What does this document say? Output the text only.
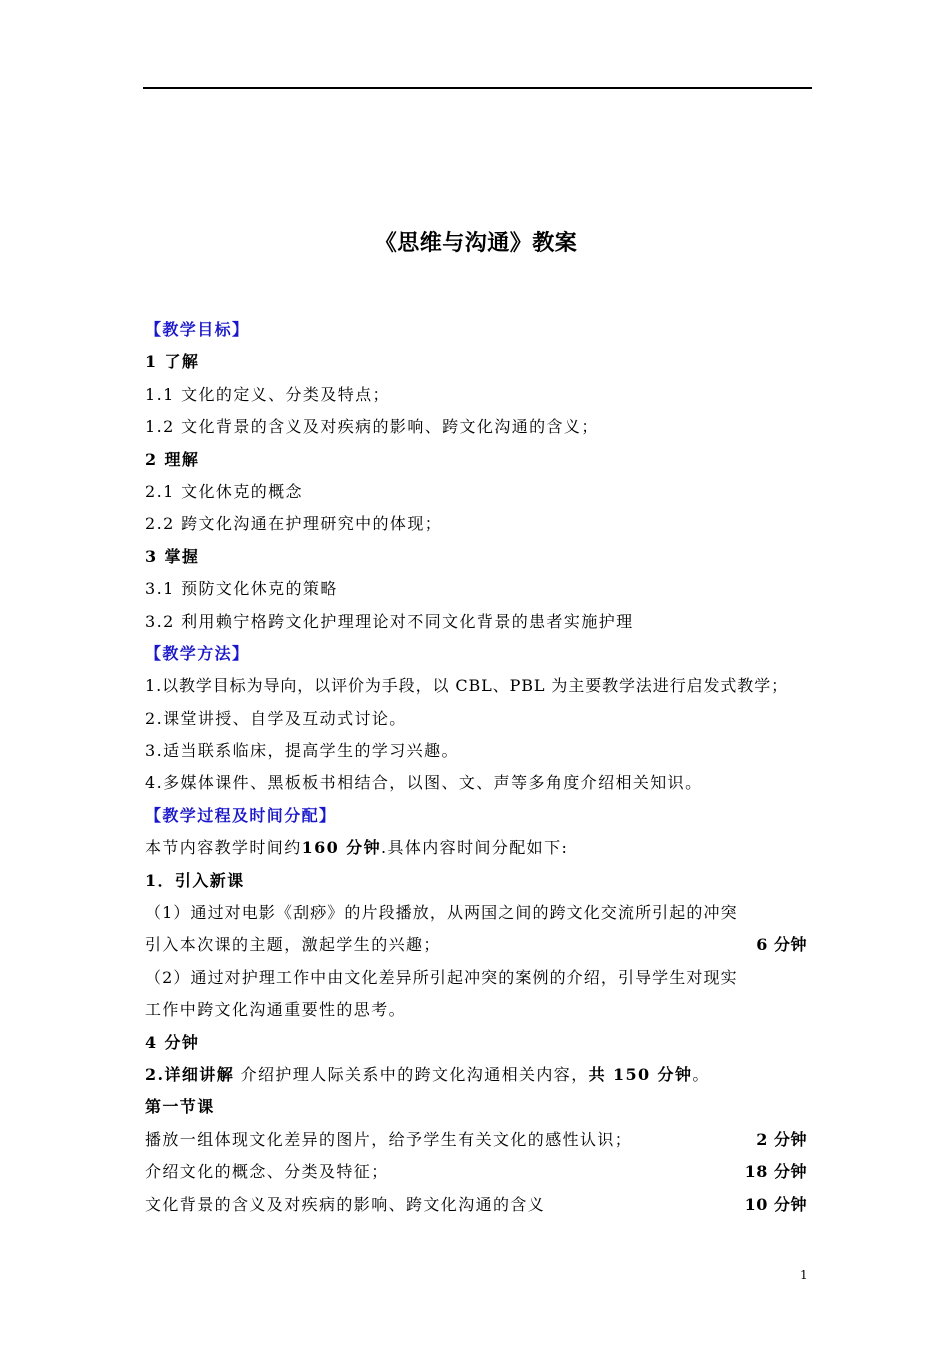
《思维与沟通》教案
【教学目标】
1 了解
1.1 文化的定义、分类及特点；
1.2 文化背景的含义及对疾病的影响、跨文化沟通的含义；
2 理解
2.1 文化休克的概念
2.2 跨文化沟通在护理研究中的体现；
3 掌握
3.1 预防文化休克的策略
3.2 利用赖宁格跨文化护理理论对不同文化背景的患者实施护理
【教学方法】
1.以教学目标为导向，以评价为手段，以 CBL、PBL 为主要教学法进行启发式教学；
2.课堂讲授、自学及互动式讨论。
3.适当联系临床，提高学生的学习兴趣。
4.多媒体课件、黑板板书相结合，以图、文、声等多角度介绍相关知识。
【教学过程及时间分配】
本节内容教学时间约160 分钟.具体内容时间分配如下:
1．引入新课
（1）通过对电影《刮痧》的片段播放，从两国之间的跨文化交流所引起的冲突
引入本次课的主题，激起学生的兴趣；	6 分钟
（2）通过对护理工作中由文化差异所引起冲突的案例的介绍，引导学生对现实
工作中跨文化沟通重要性的思考。
4 分钟
2.详细讲解 介绍护理人际关系中的跨文化沟通相关内容，共 150 分钟。
第一节课
播放一组体现文化差异的图片，给予学生有关文化的感性认识；	2 分钟
介绍文化的概念、分类及特征；	18 分钟
文化背景的含义及对疾病的影响、跨文化沟通的含义	10 分钟
1
